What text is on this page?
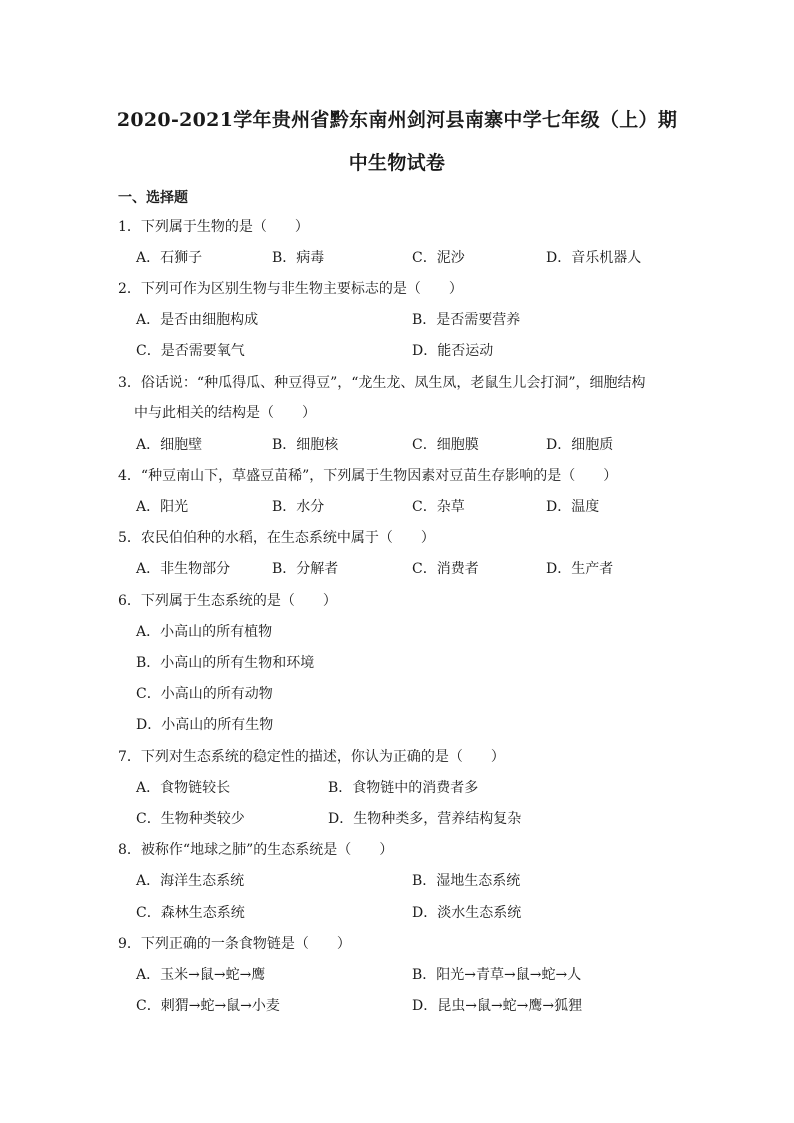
2020-2021学年贵州省黔东南州剑河县南寨中学七年级（上）期
中生物试卷
一、选择题
1．下列属于生物的是（　　）
A．石狮子	B．病毒	C．泥沙	D．音乐机器人
2．下列可作为区别生物与非生物主要标志的是（　　）
A．是否由细胞构成	B．是否需要营养
C．是否需要氧气	D．能否运动
3．俗话说：“种瓜得瓜、种豆得豆”，“龙生龙、凤生凤，老鼠生儿会打洞”，细胞结构
中与此相关的结构是（　　）
A．细胞壁	B．细胞核	C．细胞膜	D．细胞质
4．“种豆南山下，草盛豆苗稀”，下列属于生物因素对豆苗生存影响的是（　　）
A．阳光	B．水分	C．杂草	D．温度
5．农民伯伯种的水稻，在生态系统中属于（　　）
A．非生物部分	B．分解者	C．消费者	D．生产者
6．下列属于生态系统的是（　　）
A．小高山的所有植物
B．小高山的所有生物和环境
C．小高山的所有动物
D．小高山的所有生物
7．下列对生态系统的稳定性的描述，你认为正确的是（　　）
A．食物链较长	B．食物链中的消费者多
C．生物种类较少	D．生物种类多，营养结构复杂
8．被称作“地球之肺”的生态系统是（　　）
A．海洋生态系统	B．湿地生态系统
C．森林生态系统	D．淡水生态系统
9．下列正确的一条食物链是（　　）
A．玉米→鼠→蛇→鹰	B．阳光→青草→鼠→蛇→人
C．刺猬→蛇→鼠→小麦	D．昆虫→鼠→蛇→鹰→狐狸
